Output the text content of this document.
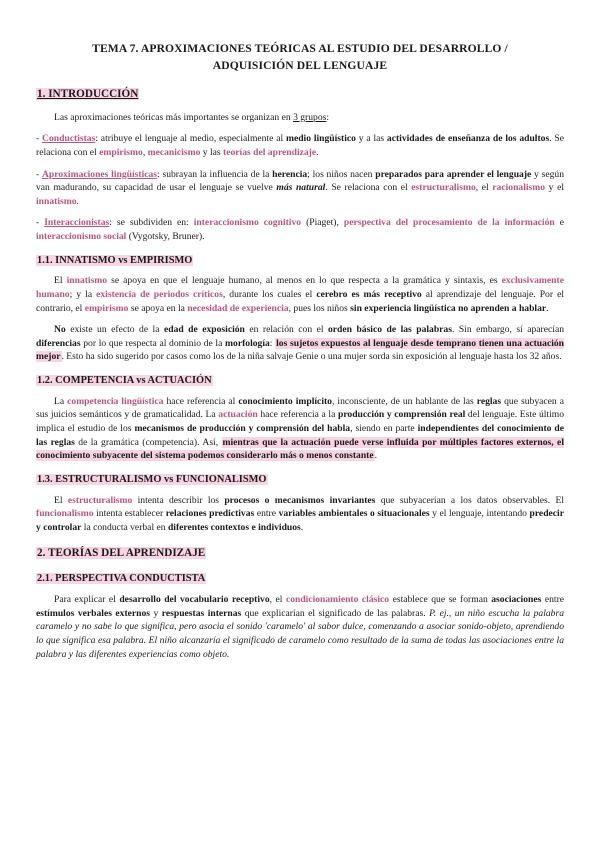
TEMA 7. APROXIMACIONES TEÓRICAS AL ESTUDIO DEL DESARROLLO /
ADQUISICIÓN DEL LENGUAJE
1. INTRODUCCIÓN

Las aproximaciones teóricas más importantes se organizan en 3 grupos:

- Conductistas: atribuye el lenguaje al medio, especialmente al medio lingüístico y a las actividades de enseñanza de los adultos. Se relaciona con el empirismo, mecanicismo y las teorías del aprendizaje.

- Aproximaciones lingüísticas: subrayan la influencia de la herencia; los niños nacen preparados para aprender el lenguaje y según van madurando, su capacidad de usar el lenguaje se vuelve más natural. Se relaciona con el estructuralismo, el racionalismo y el innatismo.

- Interaccionistas: se subdividen en: interaccionismo cognitivo (Piaget), perspectiva del procesamiento de la información e interaccionismo social (Vygotsky, Bruner).

1.1. INNATISMO vs EMPIRISMO

El innatismo se apoya en que el lenguaje humano, al menos en lo que respecta a la gramática y sintaxis, es exclusivamente humano; y la existencia de periodos críticos, durante los cuales el cerebro es más receptivo al aprendizaje del lenguaje. Por el contrario, el empirismo se apoya en la necesidad de experiencia, pues los niños sin experiencia lingüística no aprenden a hablar.

No existe un efecto de la edad de exposición en relación con el orden básico de las palabras. Sin embargo, sí aparecían diferencias por lo que respecta al dominio de la morfología: los sujetos expuestos al lenguaje desde temprano tienen una actuación mejor. Esto ha sido sugerido por casos como los de la niña salvaje Genie o una mujer sorda sin exposición al lenguaje hasta los 32 años.

1.2. COMPETENCIA vs ACTUACIÓN

La competencia lingüística hace referencia al conocimiento implícito, inconsciente, de un hablante de las reglas que subyacen a sus juicios semánticos y de gramaticalidad. La actuación hace referencia a la producción y comprensión real del lenguaje. Este último implica el estudio de los mecanismos de producción y comprensión del habla, siendo en parte independientes del conocimiento de las reglas de la gramática (competencia). Así, mientras que la actuación puede verse influida por múltiples factores externos, el conocimiento subyacente del sistema podemos considerarlo más o menos constante.

1.3. ESTRUCTURALISMO vs FUNCIONALISMO

El estructuralismo intenta describir los procesos o mecanismos invariantes que subyacerían a los datos observables. El funcionalismo intenta establecer relaciones predictivas entre variables ambientales o situacionales y el lenguaje, intentando predecir y controlar la conducta verbal en diferentes contextos e individuos.

2. TEORÍAS DEL APRENDIZAJE
2.1. PERSPECTIVA CONDUCTISTA

Para explicar el desarrollo del vocabulario receptivo, el condicionamiento clásico establece que se forman asociaciones entre estímulos verbales externos y respuestas internas que explicarían el significado de las palabras. P. ej., un niño escucha la palabra caramelo y no sabe lo que significa, pero asocia el sonido 'caramelo' al sabor dulce, comenzando a asociar sonido-objeto, aprendiendo lo que significa esa palabra. El niño alcanzaría el significado de caramelo como resultado de la suma de todas las asociaciones entre la palabra y las diferentes experiencias como objeto.
